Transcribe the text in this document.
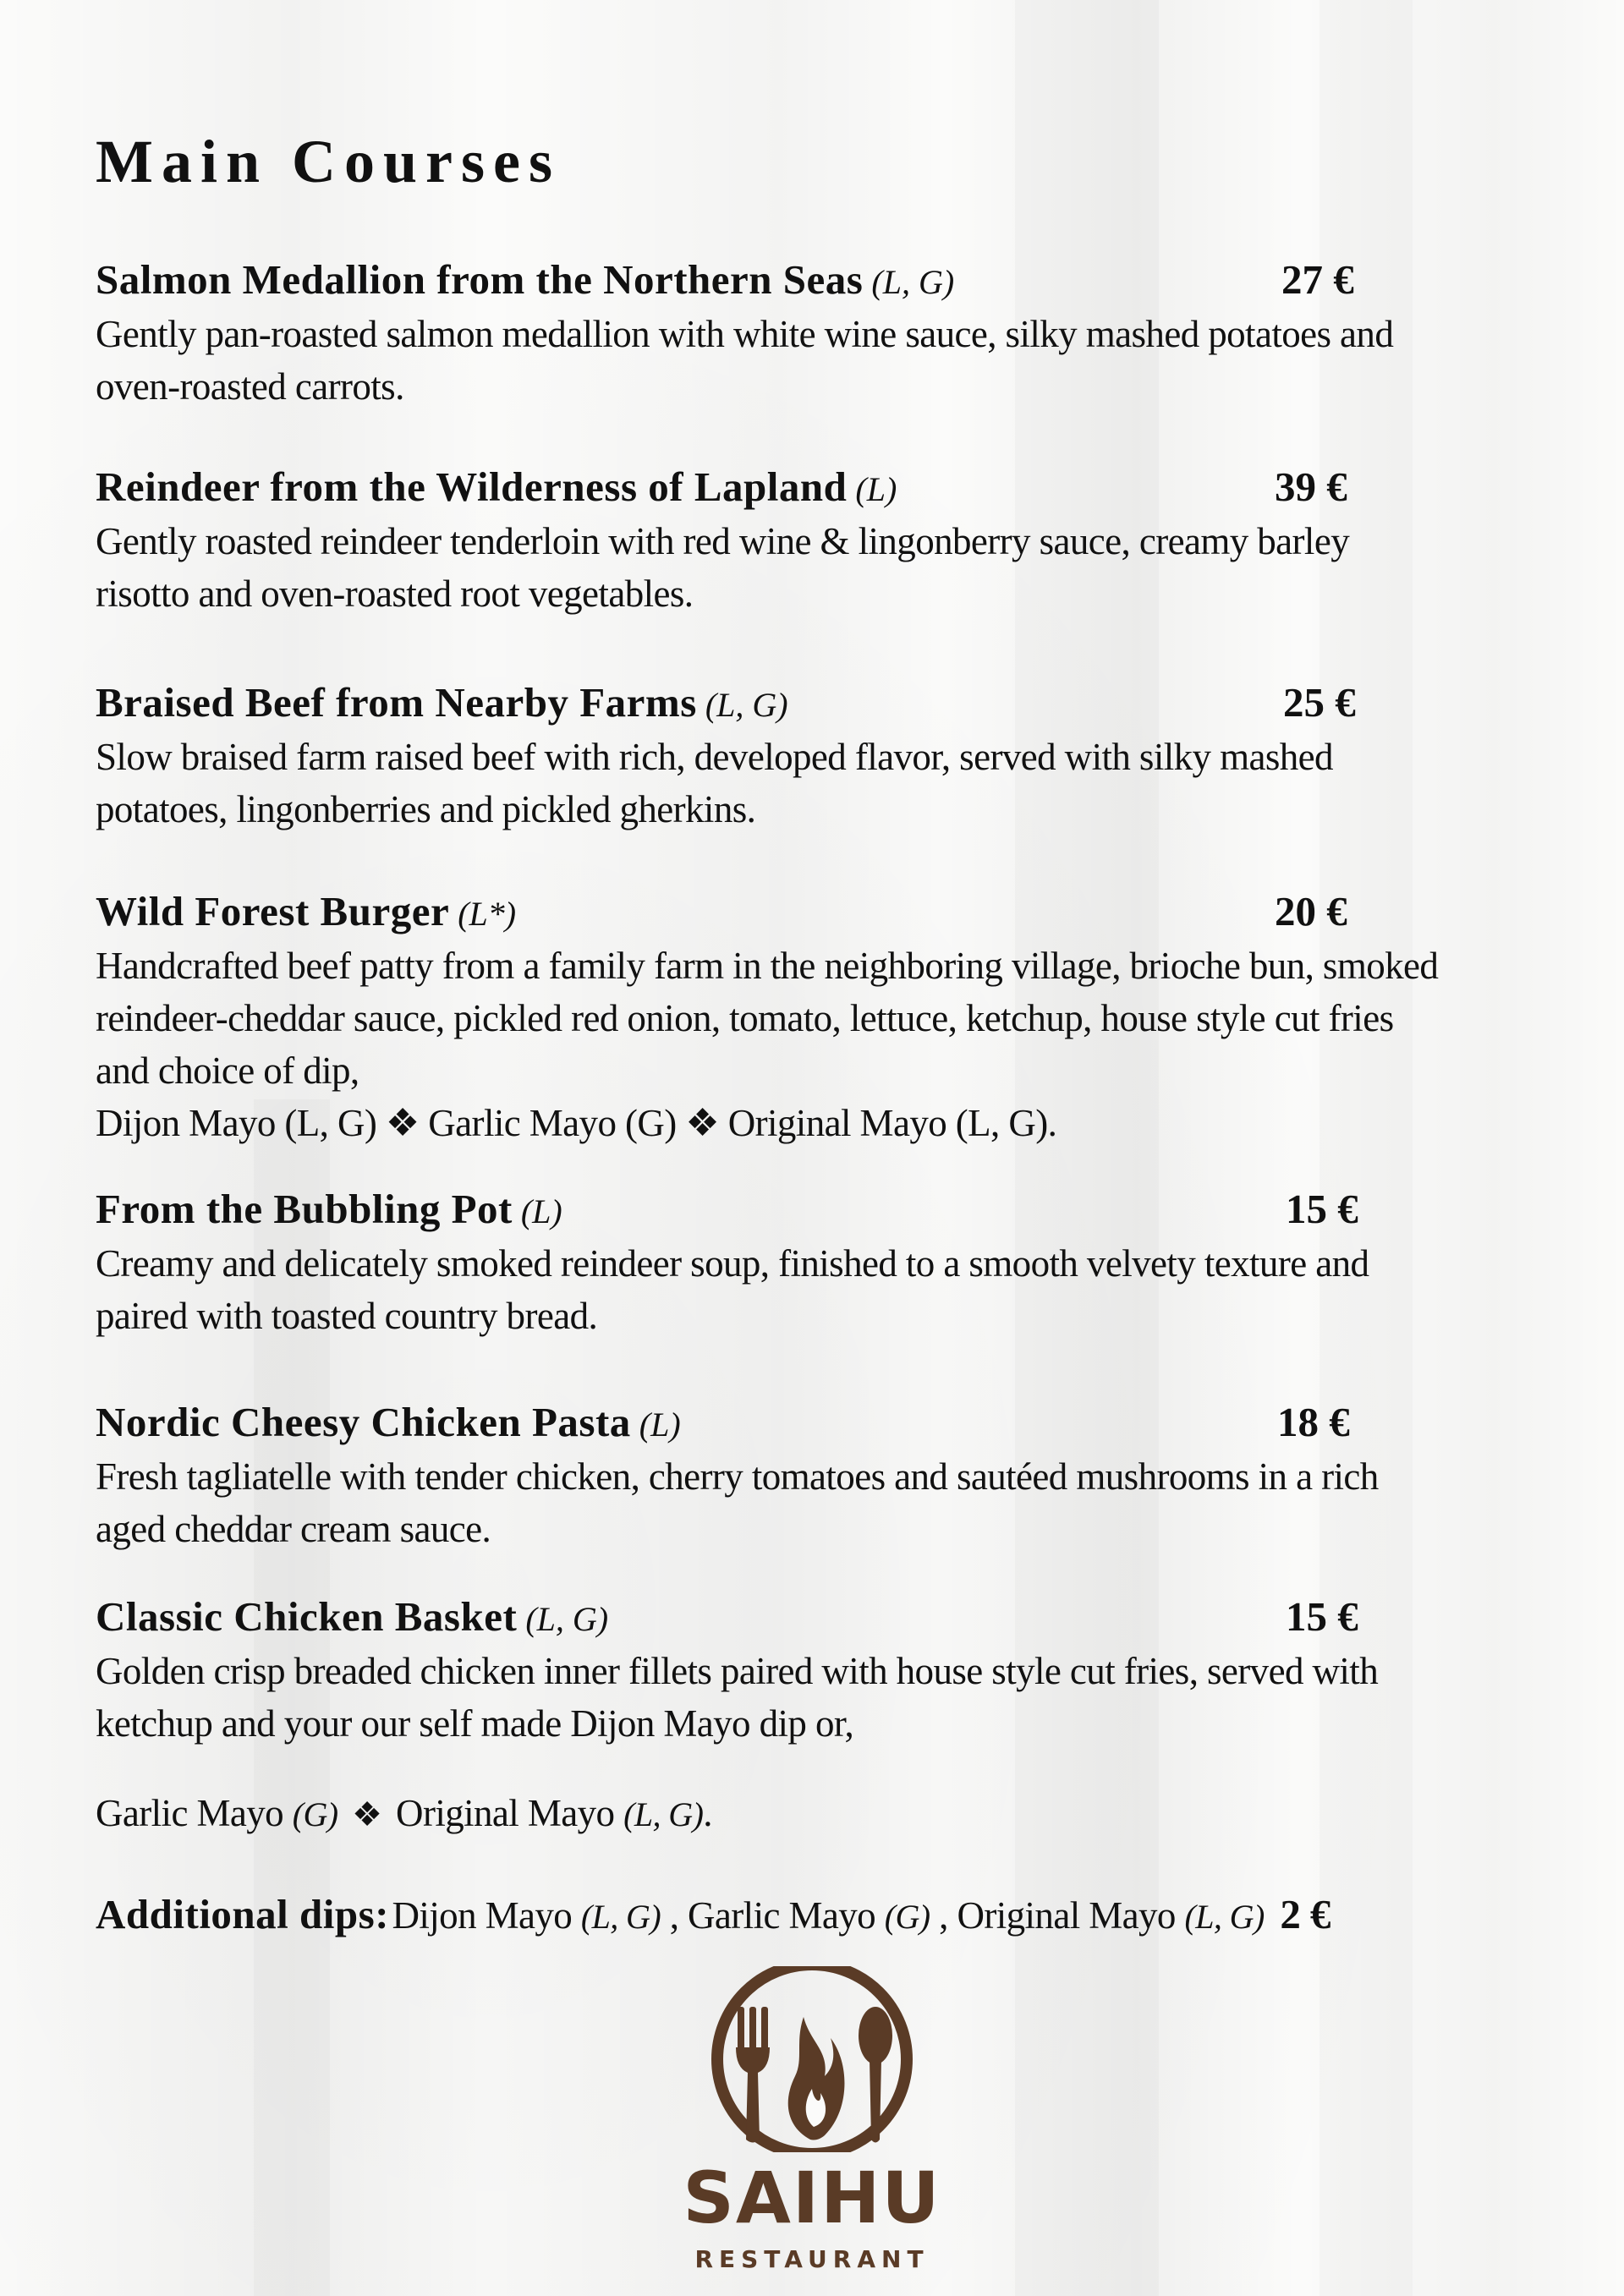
Main Courses
Salmon Medallion from the Northern Seas (L, G)	27 €
Gently pan-roasted salmon medallion with white wine sauce, silky mashed potatoes and
oven-roasted carrots.
Reindeer from the Wilderness of Lapland (L)	39 €
Gently roasted reindeer tenderloin with red wine & lingonberry sauce, creamy barley
risotto and oven-roasted root vegetables.
Braised Beef from Nearby Farms (L, G)	25 €
Slow braised farm raised beef with rich, developed flavor, served with silky mashed
potatoes, lingonberries and pickled gherkins.
Wild Forest Burger (L*)	20 €
Handcrafted beef patty from a family farm in the neighboring village, brioche bun, smoked
reindeer-cheddar sauce, pickled red onion, tomato, lettuce, ketchup, house style cut fries
and choice of dip,
Dijon Mayo (L, G) ❖ Garlic Mayo (G) ❖ Original Mayo (L, G).
From the Bubbling Pot (L)	15 €
Creamy and delicately smoked reindeer soup, finished to a smooth velvety texture and
paired with toasted country bread.
Nordic Cheesy Chicken Pasta (L)	18 €
Fresh tagliatelle with tender chicken, cherry tomatoes and sautéed mushrooms in a rich
aged cheddar cream sauce.
Classic Chicken Basket (L, G)	15 €
Golden crisp breaded chicken inner fillets paired with house style cut fries, served with
ketchup and your our self made Dijon Mayo dip or,
Garlic Mayo (G) ❖ Original Mayo (L, G).
Additional dips: Dijon Mayo (L, G) , Garlic Mayo (G) , Original Mayo (L, G) 2 €
SAIHU
RESTAURANT
